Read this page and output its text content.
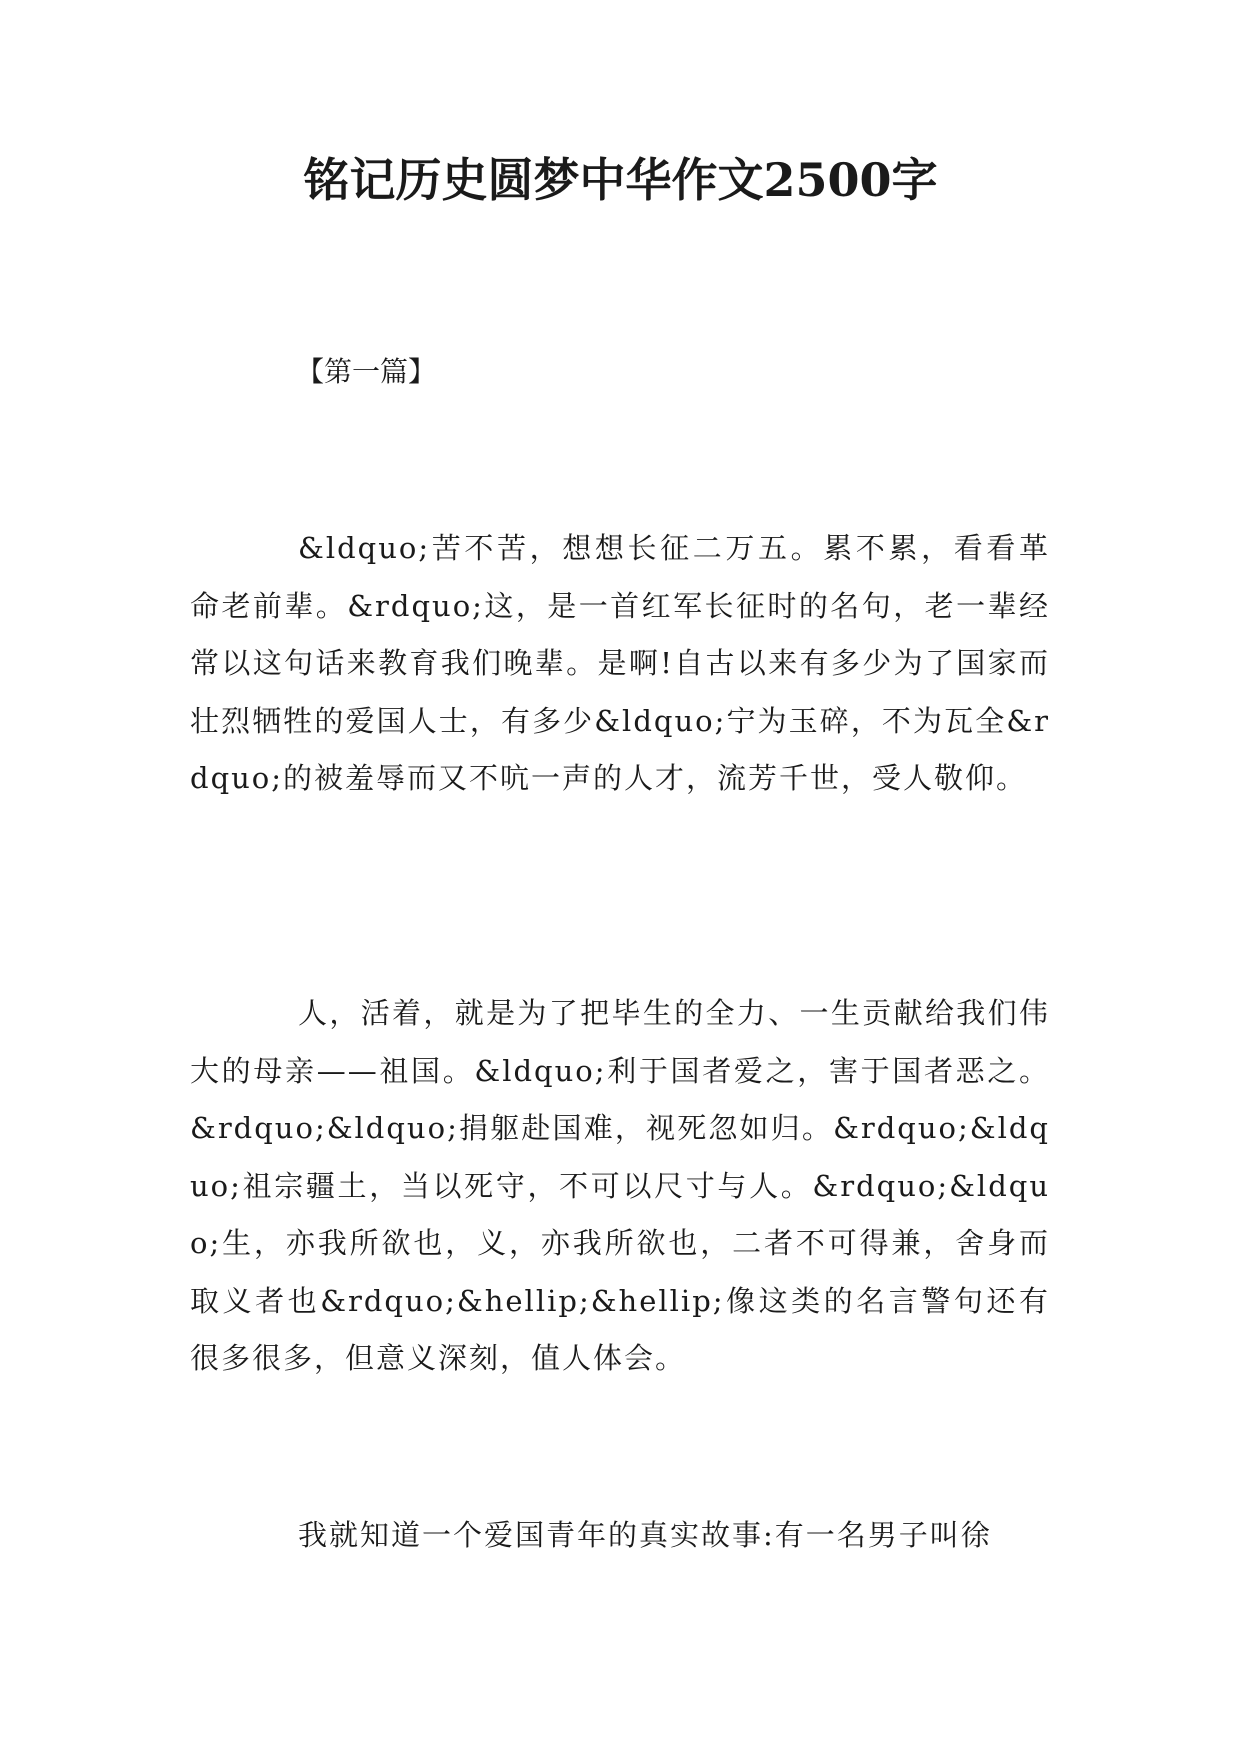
铭记历史圆梦中华作文2500字
【第一篇】

&ldquo;苦不苦，想想长征二万五。累不累，看看革命老前辈。&rdquo;这，是一首红军长征时的名句，老一辈经常以这句话来教育我们晚辈。是啊!自古以来有多少为了国家而壮烈牺牲的爱国人士，有多少&ldquo;宁为玉碎，不为瓦全&rdquo;的被羞辱而又不吭一声的人才，流芳千世，受人敬仰。

人，活着，就是为了把毕生的全力、一生贡献给我们伟大的母亲——祖国。&ldquo;利于国者爱之，害于国者恶之。&rdquo;&ldquo;捐躯赴国难，视死忽如归。&rdquo;&ldquo;祖宗疆土，当以死守，不可以尺寸与人。&rdquo;&ldquo;生，亦我所欲也，义，亦我所欲也，二者不可得兼，舍身而取义者也&rdquo;&hellip;&hellip;像这类的名言警句还有很多很多，但意义深刻，值人体会。

我就知道一个爱国青年的真实故事:有一名男子叫徐
